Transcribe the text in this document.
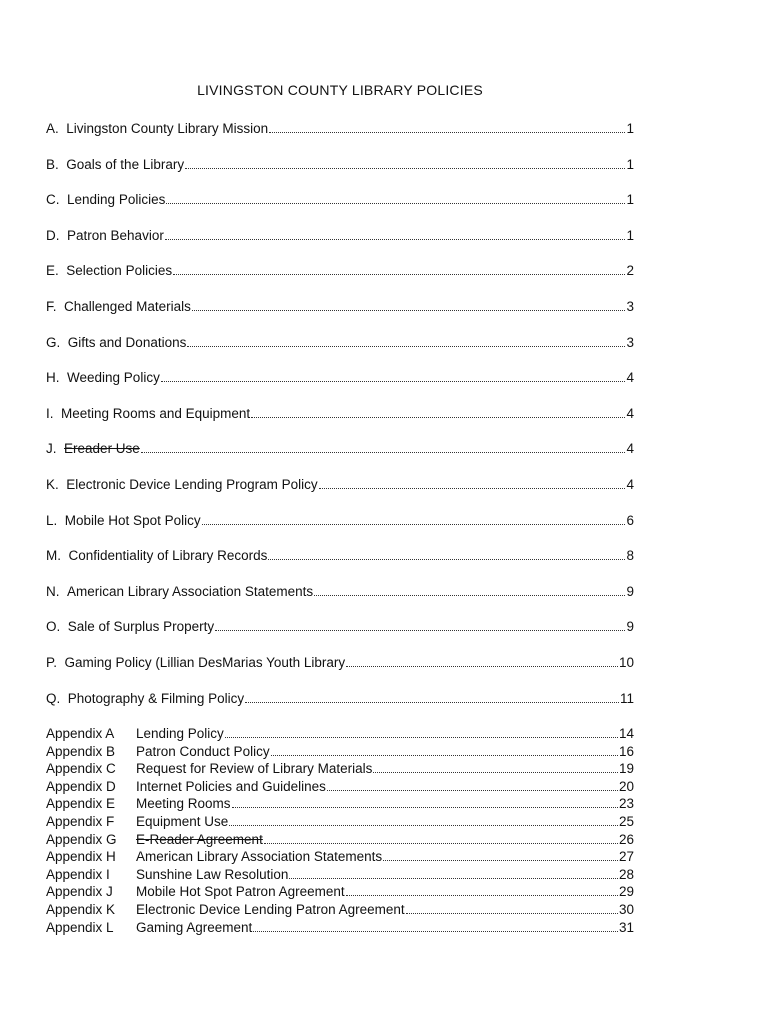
LIVINGSTON COUNTY LIBRARY POLICIES
A. Livingston County Library Mission	1
B. Goals of the Library	1
C. Lending Policies	1
D. Patron Behavior	1
E. Selection Policies	2
F. Challenged Materials	3
G. Gifts and Donations	3
H. Weeding Policy	4
I. Meeting Rooms and Equipment	4
J. Ereader Use	4
K. Electronic Device Lending Program Policy	4
L. Mobile Hot Spot Policy	6
M. Confidentiality of Library Records	8
N. American Library Association Statements	9
O. Sale of Surplus Property	9
P. Gaming Policy (Lillian DesMarias Youth Library	10
Q. Photography & Filming Policy	11
Appendix A	Lending Policy	14
Appendix B	Patron Conduct Policy	16
Appendix C	Request for Review of Library Materials	19
Appendix D	Internet Policies and Guidelines	20
Appendix E	Meeting Rooms	23
Appendix F	Equipment Use	25
Appendix G	E-Reader Agreement	26
Appendix H	American Library Association Statements	27
Appendix I	Sunshine Law Resolution	28
Appendix J	Mobile Hot Spot Patron Agreement	29
Appendix K	Electronic Device Lending Patron Agreement	30
Appendix L	Gaming Agreement	31
